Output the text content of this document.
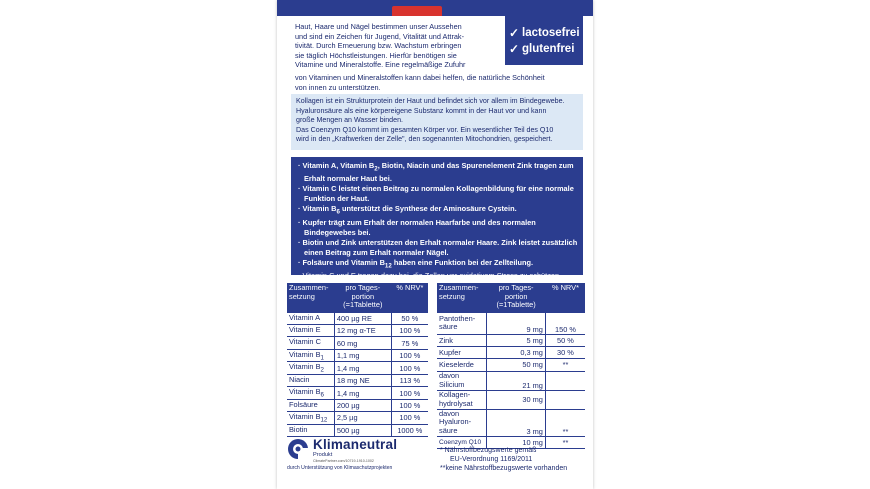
Haut, Haare und Nägel bestimmen unser Aussehen
und sind ein Zeichen für Jugend, Vitalität und Attrak-
tivität. Durch Erneuerung bzw. Wachstum erbringen
sie täglich Höchstleistungen. Hierfür benötigen sie
Vitamine und Mineralstoffe. Eine regelmäßige Zufuhr
von Vitaminen und Mineralstoffen kann dabei helfen, die natürliche Schönheit
von innen zu unterstützen.
✓ lactosefrei
✓ glutenfrei
Kollagen ist ein Strukturprotein der Haut und befindet sich vor allem im Bindegewebe.
Hyaluronsäure als eine körpereigene Substanz kommt in der Haut vor und kann
große Mengen an Wasser binden.
Das Coenzym Q10 kommt im gesamten Körper vor. Ein wesentlicher Teil des Q10
wird in den „Kraftwerken der Zelle", den sogenannten Mitochondrien, gespeichert.
· Vitamin A, Vitamin $B_2$, Biotin, Niacin und das Spurenelement Zink tragen zum Erhalt normaler Haut bei.
· Vitamin C leistet einen Beitrag zu normalen Kollagenbildung für eine normale Funktion der Haut.
· Vitamin $B_6$ unterstützt die Synthese der Aminosäure Cystein.
· Kupfer trägt zum Erhalt der normalen Haarfarbe und des normalen Bindegewebes bei.
· Biotin und Zink unterstützen den Erhalt normaler Haare. Zink leistet zusätzlich einen Beitrag zum Erhalt normaler Nägel.
· Folsäure und Vitamin $B_{12}$ haben eine Funktion bei der Zellteilung.
· Vitamin C und E tragen dazu bei, die Zellen vor oxidativem Stress zu schützen.
Zusammen-
setzung	pro Tages-
portion
(=1Tablette)	% NRV*
Vitamin A	400 µg RE	50 %
Vitamin E	12 mg α-TE	100 %
Vitamin C	60 mg	75 %
Vitamin $B_1$	1,1 mg	100 %
Vitamin $B_2$	1,4 mg	100 %
Niacin	18 mg NE	113 %
Vitamin $B_6$	1,4 mg	100 %
Folsäure	200 µg	100 %
Vitamin $B_{12}$	2,5 µg	100 %
Biotin	500 µg	1000 %
Zusammen-
setzung	pro Tages-
portion
(=1Tablette)	% NRV*
Pantothen-
säure	9 mg	150 %
Zink	5 mg	50 %
Kupfer	0,3 mg	30 %
Kieselerde	50 mg	**
davon
Silicium	21 mg	
Kollagen-
hydrolysat	30 mg	
davon
Hyaluron-
säure	3 mg	**
Coenzym Q10	10 mg	**
Klimaneutral
Produkt
ClimatePartner.com/10719-1910-1002
durch Unterstützung von Klimaschutzprojekten
* Nährstoffbezugswerte gemäß
EU-Verordnung 1169/2011
**keine Nährstoffbezugswerte vorhanden
